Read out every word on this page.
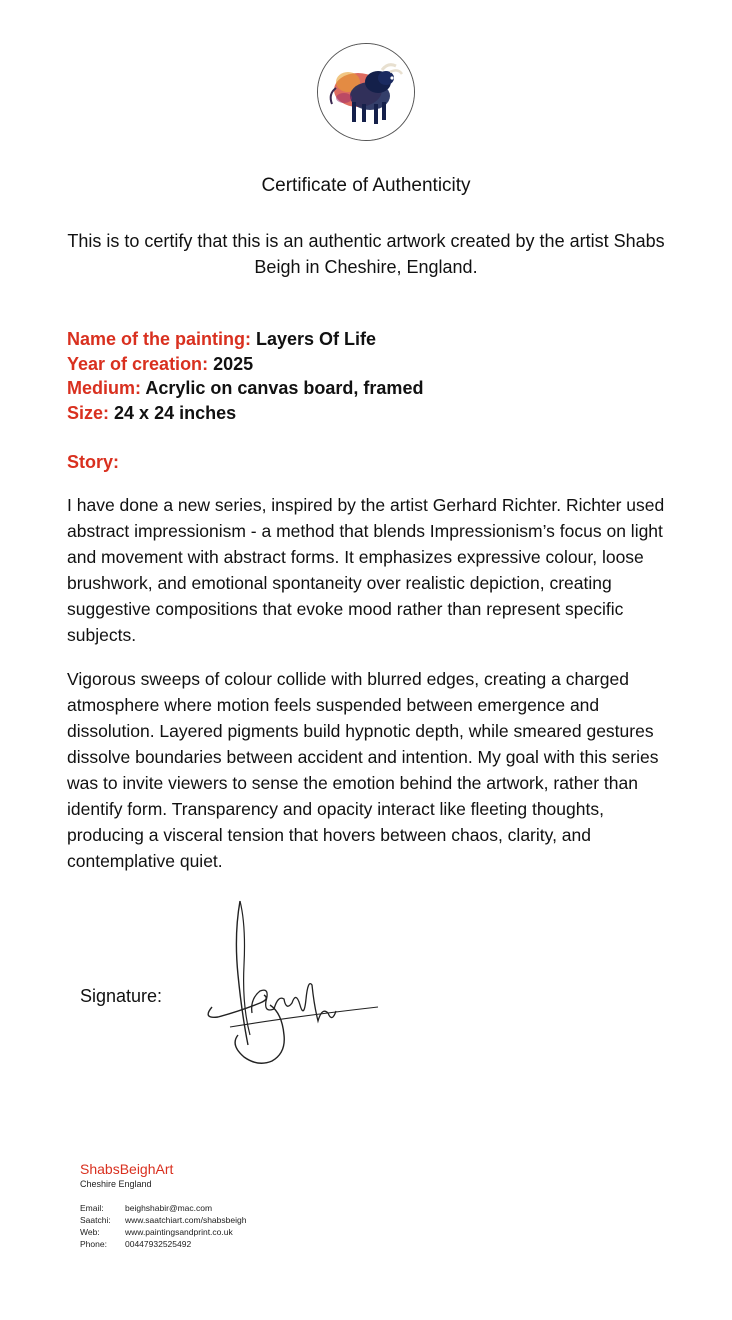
Certificate of Authenticity
This is to certify that this is an authentic artwork created by the artist Shabs Beigh in Cheshire, England.
Name of the painting: Layers Of Life
Year of creation: 2025
Medium: Acrylic on canvas board, framed
Size: 24 x 24 inches
Story:

I have done a new series, inspired by the artist Gerhard Richter. Richter used abstract impressionism - a method that blends Impressionism’s focus on light and movement with abstract forms. It emphasizes expressive colour, loose brushwork, and emotional spontaneity over realistic depiction, creating suggestive compositions that evoke mood rather than represent specific subjects.

Vigorous sweeps of colour collide with blurred edges, creating a charged atmosphere where motion feels suspended between emergence and dissolution. Layered pigments build hypnotic depth, while smeared gestures dissolve boundaries between accident and intention. My goal with this series was to invite viewers to sense the emotion behind the artwork, rather than identify form. Transparency and opacity interact like fleeting thoughts, producing a visceral tension that hovers between chaos, clarity, and contemplative quiet.

Signature:
ShabsBeighArt
Cheshire England
Email:	beighshabir@mac.com
Saatchi: www.saatchiart.com/shabsbeigh
Web:	www.paintingsandprint.co.uk
Phone: 00447932525492
